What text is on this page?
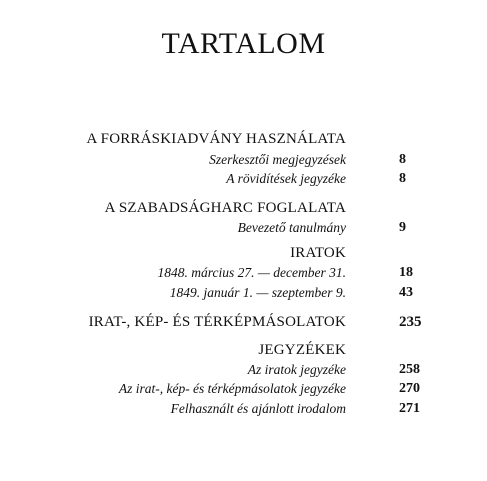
TARTALOM
A FORRÁSKIADVÁNY HASZNÁLATA
Szerkesztői megjegyzések	8
A rövidítések jegyzéke	8
A SZABADSÁGHARC FOGLALATA
Bevezető tanulmány	9
IRATOK
1848. március 27. — december 31.	18
1849. január 1. — szeptember 9.	43
IRAT-, KÉP- ÉS TÉRKÉPMÁSOLATOK	235
JEGYZÉKEK
Az iratok jegyzéke	258
Az irat-, kép- és térképmásolatok jegyzéke	270
Felhasznált és ajánlott irodalom	271
